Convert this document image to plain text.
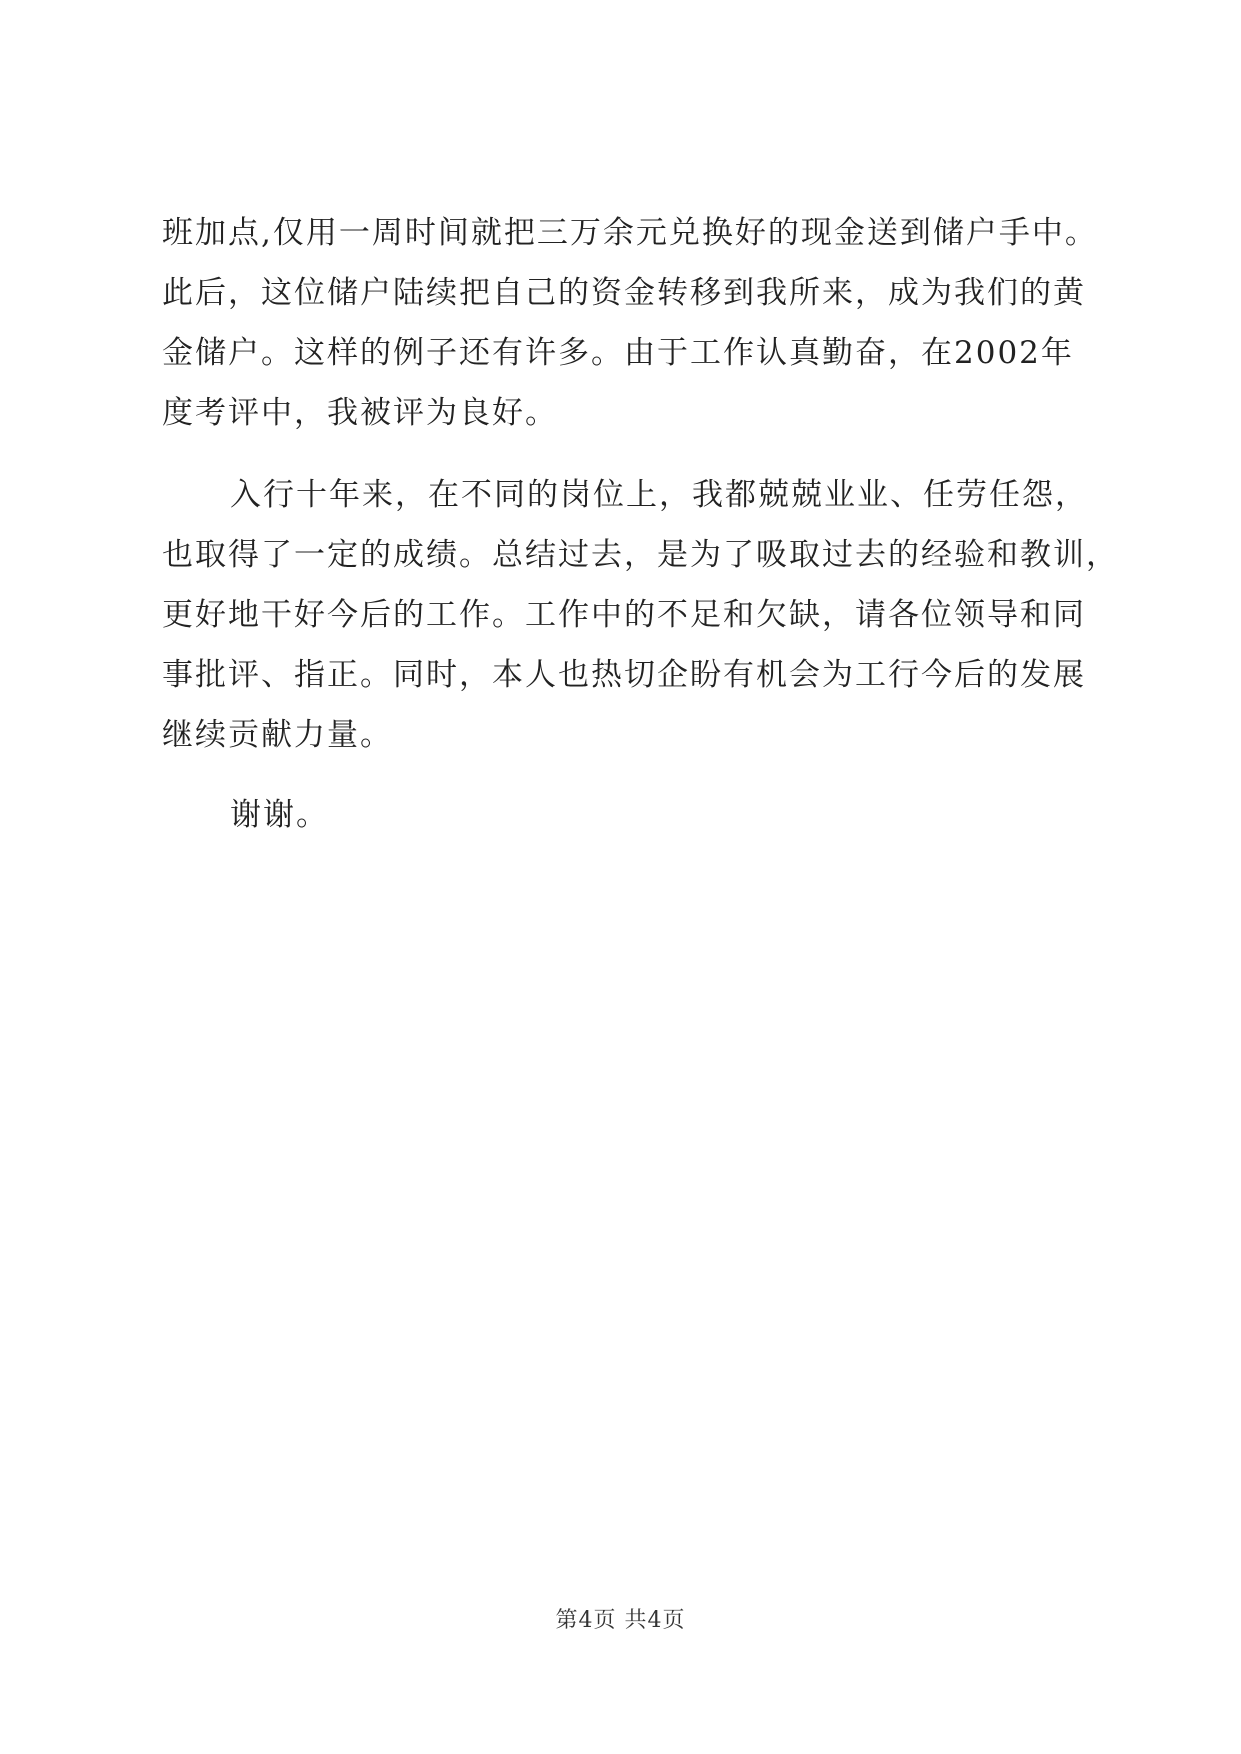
班加点,仅用一周时间就把三万余元兑换好的现金送到储户手中。
此后，这位储户陆续把自己的资金转移到我所来，成为我们的黄
金储户。这样的例子还有许多。由于工作认真勤奋，在2002年
度考评中，我被评为良好。
入行十年来，在不同的岗位上，我都兢兢业业、任劳任怨，
也取得了一定的成绩。总结过去，是为了吸取过去的经验和教训，
更好地干好今后的工作。工作中的不足和欠缺，请各位领导和同
事批评、指正。同时，本人也热切企盼有机会为工行今后的发展
继续贡献力量。
谢谢。
第4页 共4页
